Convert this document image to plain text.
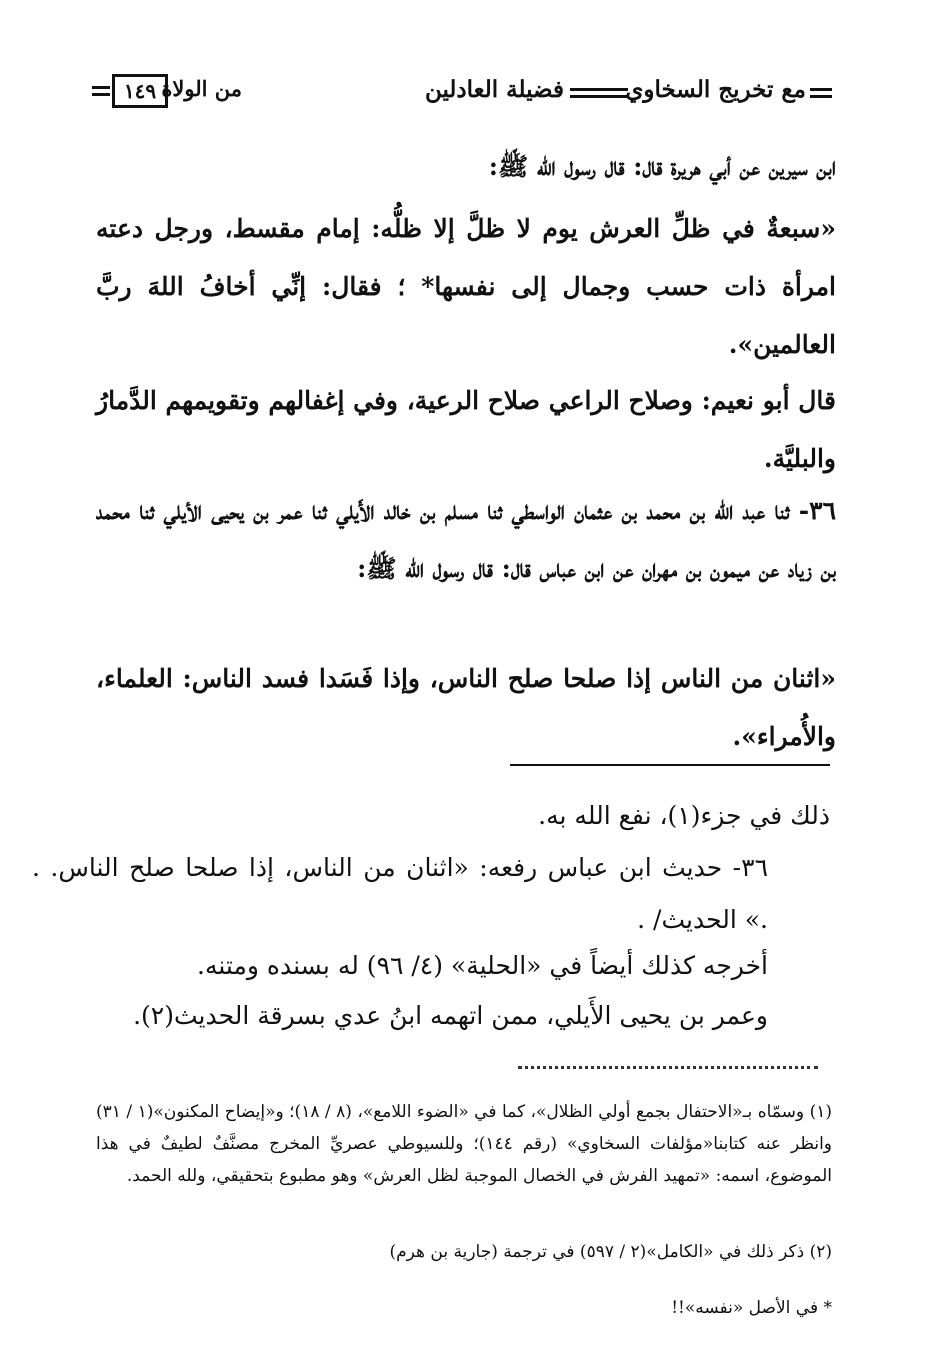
مع تخريج السخاوي
فضيلة العادلين
من الولاة
١٤٩
ابن سيرين عن أبي هريرة قال: قال رسول الله ﷺ:
«سبعةٌ في ظلِّ العرش يوم لا ظلَّ إلا ظلُّه: إمام مقسط، ورجل دعته امرأة ذات حسب وجمال إلى نفسها* ؛ فقال: إنِّي أخافُ اللهَ ربَّ العالمين».
قال أبو نعيم: وصلاح الراعي صلاح الرعية، وفي إغفالهم وتقويمهم الدَّمارُ والبليَّة.
٣٦- ثنا عبد الله بن محمد بن عثمان الواسطي ثنا مسلم بن خالد الأَيلي ثنا عمر بن يحيى الأيلي ثنا محمد بن زياد عن ميمون بن مهران عن ابن عباس قال: قال رسول الله ﷺ:
«اثنان من الناس إذا صلحا صلح الناس، وإذا فَسَدا فسد الناس: العلماء، والأُمراء».
ذلك في جزء(١)، نفع الله به.
٣٦- حديث ابن عباس رفعه: «اثنان من الناس، إذا صلحا صلح الناس. . .» الحديث/ .
أخرجه كذلك أيضاً في «الحلية» (٤/ ٩٦) له بسنده ومتنه.
وعمر بن يحيى الأَيلي، ممن اتهمه ابنُ عدي بسرقة الحديث(٢).
(١) وسمّاه بـ«الاحتفال بجمع أولي الظلال»، كما في «الضوء اللامع»، (٨ / ١٨)؛ و«إيضاح المكنون»(١ / ٣١) وانظر عنه كتابنا«مؤلفات السخاوي» (رقم ١٤٤)؛ وللسيوطي عصريِّ المخرج مصنَّفٌ لطيفٌ في هذا الموضوع، اسمه: «تمهيد الفرش في الخصال الموجبة لظل العرش» وهو مطبوع بتحقيقي، ولله الحمد.
(٢) ذكر ذلك في «الكامل»(٢ / ٥٩٧) في ترجمة (جارية بن هرم)
* في الأصل «نفسه»!!
